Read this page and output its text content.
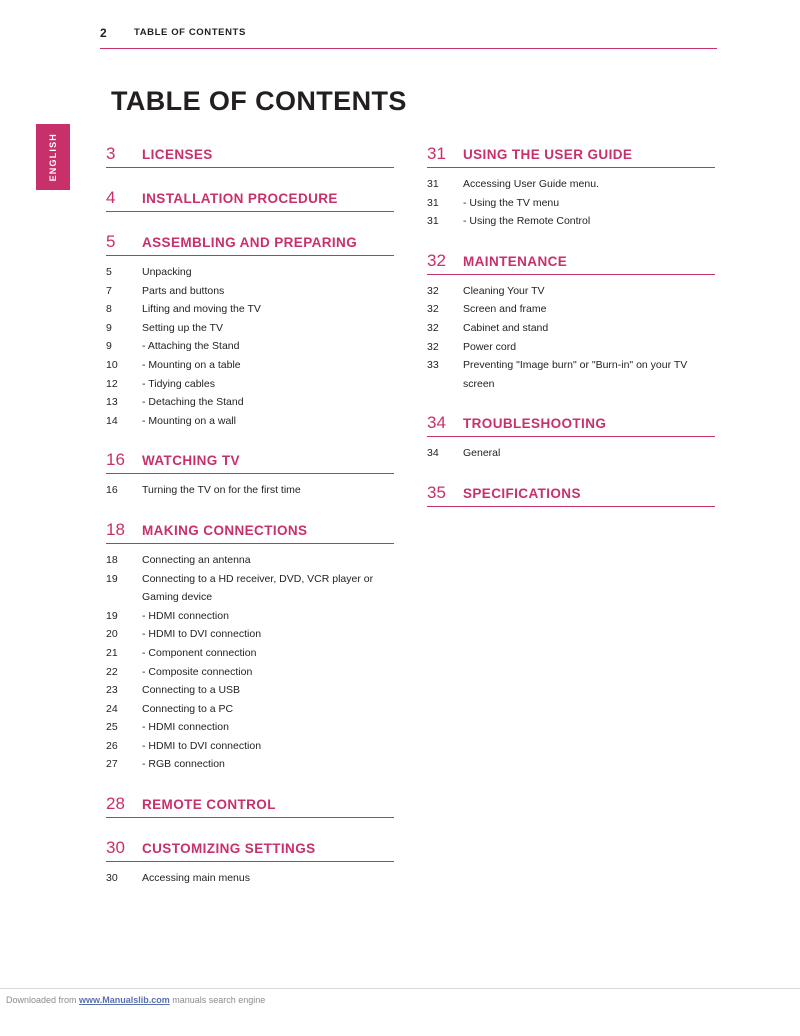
2	TABLE OF CONTENTS
ENGLISH
TABLE OF CONTENTS
3	LICENSES
4	INSTALLATION PROCEDURE
5	ASSEMBLING AND PREPARING
5	Unpacking
7	Parts and buttons
8	Lifting and moving the TV
9	Setting up the TV
9	- Attaching the Stand
10	- Mounting on a table
12	- Tidying cables
13	- Detaching the Stand
14	- Mounting on a wall
16	WATCHING TV
16	Turning the TV on for the first time
18	MAKING CONNECTIONS
18	Connecting an antenna
19	Connecting to a HD receiver, DVD, VCR player or Gaming device
19	- HDMI connection
20	- HDMI to DVI connection
21	- Component connection
22	- Composite connection
23	Connecting to a USB
24	Connecting to a PC
25	- HDMI connection
26	- HDMI to DVI connection
27	- RGB connection
28	REMOTE CONTROL
30	CUSTOMIZING SETTINGS
30	Accessing main menus
31	USING THE USER GUIDE
31	Accessing User Guide menu.
31	- Using the TV menu
31	- Using the Remote Control
32	MAINTENANCE
32	Cleaning Your TV
32	Screen and frame
32	Cabinet and stand
32	Power cord
33	Preventing "Image burn" or "Burn-in" on your TV screen
34	TROUBLESHOOTING
34	General
35	SPECIFICATIONS
Downloaded from www.Manualslib.com manuals search engine
